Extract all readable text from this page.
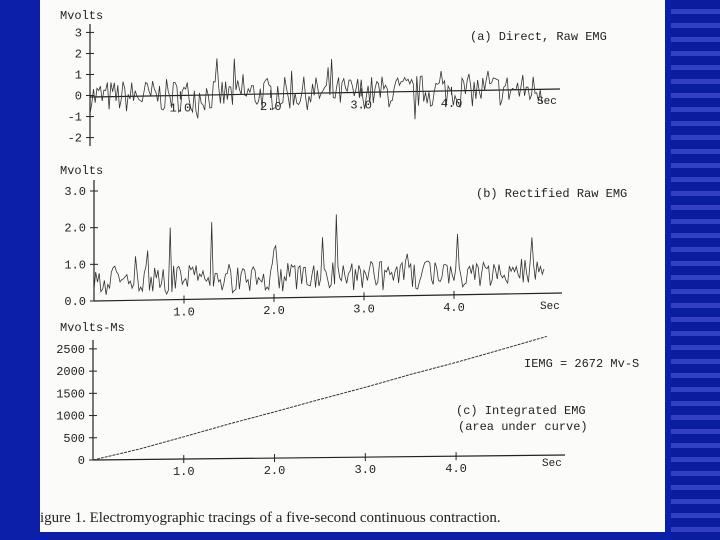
Mvolts
(a) Direct, Raw EMG
Sec
3
2
1
0
-1
-2
1.0	2.0	3.0	4.0
Mvolts
(b) Rectified Raw EMG
Sec
3.0
2.0
1.0
0.0
1.0	2.0	3.0	4.0
Mvolts-Ms
(c) Integrated EMG
(area under curve)
IEMG = 2672 Mv-S
Sec
2500
2000
1500
1000
500
0
1.0	2.0	3.0	4.0
igure 1. Electromyographic tracings of a five-second continuous contraction.
